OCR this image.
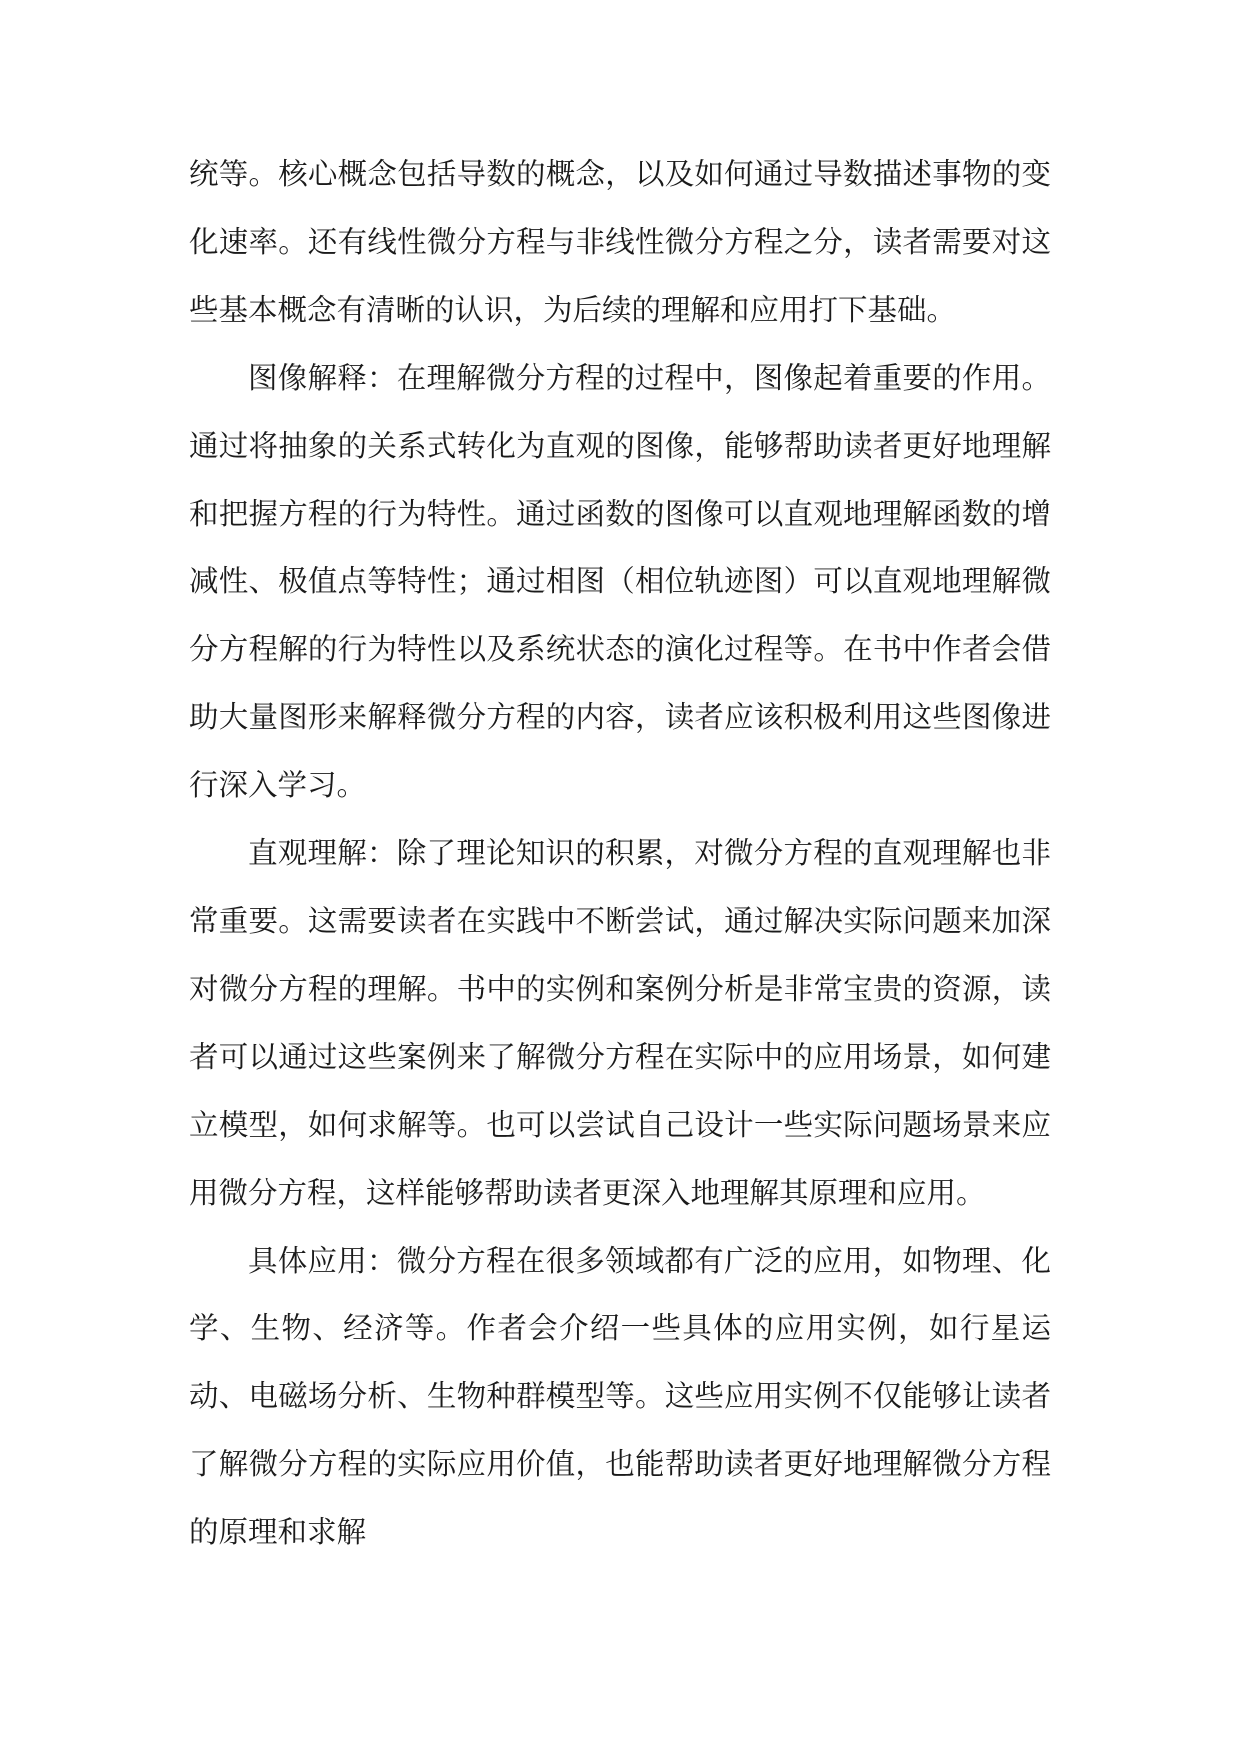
统等。核心概念包括导数的概念，以及如何通过导数描述事物的变化速率。还有线性微分方程与非线性微分方程之分，读者需要对这些基本概念有清晰的认识，为后续的理解和应用打下基础。

图像解释：在理解微分方程的过程中，图像起着重要的作用。通过将抽象的关系式转化为直观的图像，能够帮助读者更好地理解和把握方程的行为特性。通过函数的图像可以直观地理解函数的增减性、极值点等特性；通过相图（相位轨迹图）可以直观地理解微分方程解的行为特性以及系统状态的演化过程等。在书中作者会借助大量图形来解释微分方程的内容，读者应该积极利用这些图像进行深入学习。

直观理解：除了理论知识的积累，对微分方程的直观理解也非常重要。这需要读者在实践中不断尝试，通过解决实际问题来加深对微分方程的理解。书中的实例和案例分析是非常宝贵的资源，读者可以通过这些案例来了解微分方程在实际中的应用场景，如何建立模型，如何求解等。也可以尝试自己设计一些实际问题场景来应用微分方程，这样能够帮助读者更深入地理解其原理和应用。

具体应用：微分方程在很多领域都有广泛的应用，如物理、化学、生物、经济等。作者会介绍一些具体的应用实例，如行星运动、电磁场分析、生物种群模型等。这些应用实例不仅能够让读者了解微分方程的实际应用价值，也能帮助读者更好地理解微分方程的原理和求解
